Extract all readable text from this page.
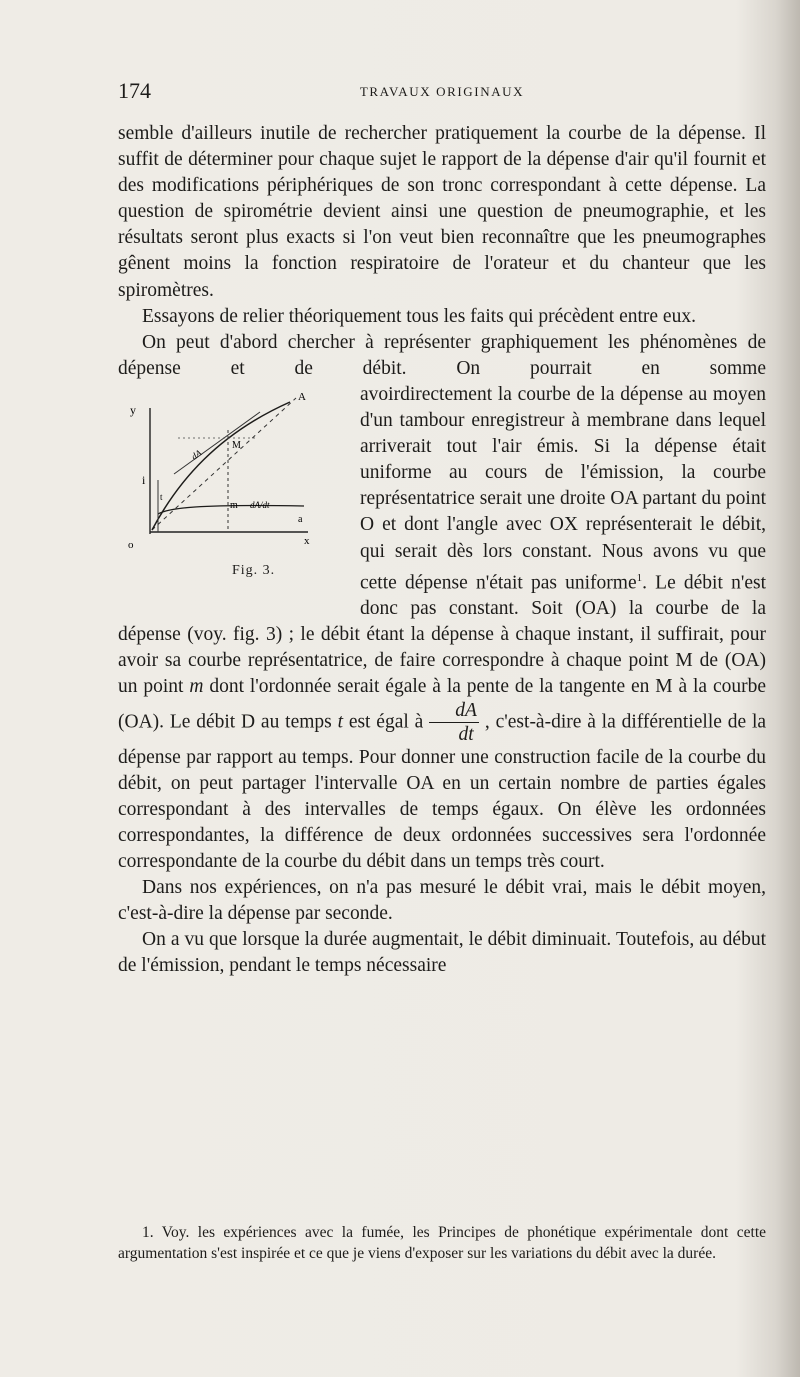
174	TRAVAUX ORIGINAUX

semble d'ailleurs inutile de rechercher pratiquement la courbe de la dépense. Il suffit de déterminer pour chaque sujet le rapport de la dépense d'air qu'il fournit et des modifications périphériques de son tronc correspondant à cette dépense. La question de spirométrie devient ainsi une question de pneumographie, et les résultats seront plus exacts si l'on veut bien reconnaître que les pneumographes gênent moins la fonction respiratoire de l'orateur et du chanteur que les spiromètres.

Essayons de relier théoriquement tous les faits qui précèdent entre eux.

On peut d'abord chercher à représenter graphiquement les phénomènes de dépense et de débit. On pourrait en somme avoir
A
y
M
i
m
t
a
o	x
dA
dA/dt
Fig. 3.
directement la courbe de la dépense au moyen d'un tambour enregistreur à membrane dans lequel arriverait tout l'air émis. Si la dépense était uniforme au cours de l'émission, la courbe représentatrice serait une droite OA partant du point O et dont l'angle avec OX représenterait le débit, qui serait dès lors constant. Nous avons vu que cette dépense n'était pas uniforme$^1$. Le débit n'est donc pas constant. Soit (OA) la courbe de la dépense (voy. fig. 3) ; le débit étant la dépense à chaque instant, il suffirait, pour avoir sa courbe représentatrice, de faire correspondre à chaque point M de (OA) un point m dont l'ordonnée serait égale à la pente de la tangente en M à la courbe (OA). Le débit D au temps t est égal à $\frac{dA}{dt}$ , c'est-à-dire à la différentielle de la dépense par rapport au temps. Pour donner une construction facile de la courbe du débit, on peut partager l'intervalle OA en un certain nombre de parties égales correspondant à des intervalles de temps égaux. On élève les ordonnées correspondantes, la différence de deux ordonnées successives sera l'ordonnée correspondante de la courbe du débit dans un temps très court.

Dans nos expériences, on n'a pas mesuré le débit vrai, mais le débit moyen, c'est-à-dire la dépense par seconde.

On a vu que lorsque la durée augmentait, le débit diminuait. Toutefois, au début de l'émission, pendant le temps nécessaire

1. Voy. les expériences avec la fumée, les Principes de phonétique expérimentale dont cette argumentation s'est inspirée et ce que je viens d'exposer sur les variations du débit avec la durée.
